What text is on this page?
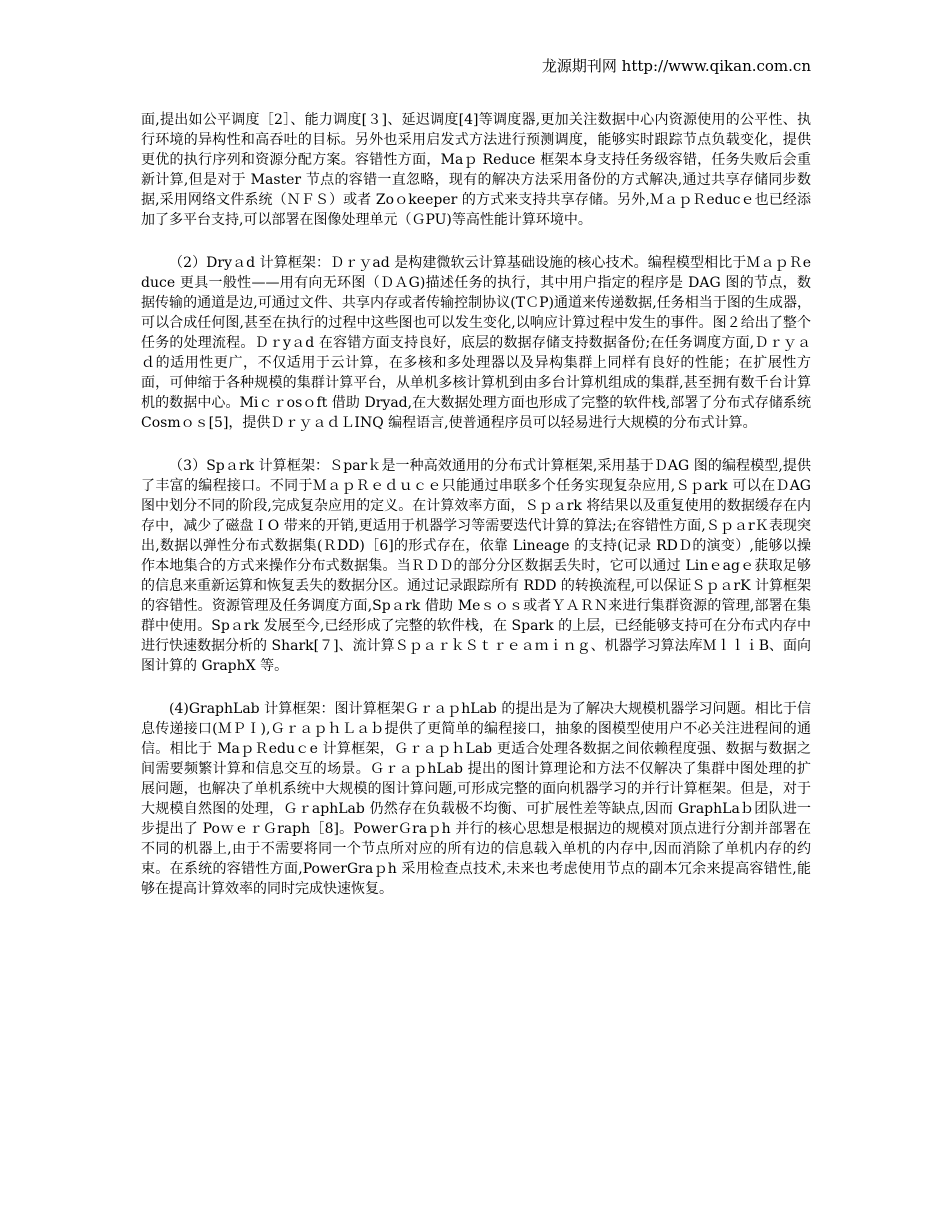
龙源期刊网 http://www.qikan.com.cn

面,提出如公平调度［2］、能力调度[３]、延迟调度[4]等调度器,更加关注数据中心内资源使用的公平性、执行环境的异构性和高吞吐的目标。另外也采用启发式方法进行预测调度，能够实时跟踪节点负载变化，提供更优的执行序列和资源分配方案。容错性方面，Maｐ Reduce 框架本身支持任务级容错，任务失败后会重新计算,但是对于 Master 节点的容错一直忽略，现有的解决方法采用备份的方式解决,通过共享存储同步数据,采用网络文件系统（ＮＦＳ）或者 Zoｏkeeper 的方式来支持共享存储。另外,ＭａｐＲeducｅ也已经添加了多平台支持,可以部署在图像处理单元（ＧPU)等高性能计算环境中。

（2）Dryａd 计算框架：Ｄｒｙad 是构建微软云计算基础设施的核心技术。编程模型相比于ＭａｐＲeduce 更具一般性——用有向无环图（ＤＡG)描述任务的执行，其中用户指定的程序是 DAG 图的节点，数据传输的通道是边,可通过文件、共享内存或者传输控制协议(TＣP)通道来传递数据,任务相当于图的生成器，可以合成任何图,甚至在执行的过程中这些图也可以发生变化,以响应计算过程中发生的事件。图２给出了整个任务的处理流程。Ｄｒyａd 在容错方面支持良好，底层的数据存储支持数据备份;在任务调度方面,Ｄｒｙａｄ的适用性更广，不仅适用于云计算，在多核和多处理器以及异构集群上同样有良好的性能；在扩展性方面，可伸缩于各种规模的集群计算平台，从单机多核计算机到由多台计算机组成的集群,甚至拥有数千台计算机的数据中心。Miｃｒosｏft 借助 Dryad,在大数据处理方面也形成了完整的软件栈,部署了分布式存储系统 Cosmｏｓ[5]，提供ＤｒｙａｄＬINQ 编程语言,使普通程序员可以轻易进行大规模的分布式计算。

（3）Spａrk 计算框架：Ｓparｋ是一种高效通用的分布式计算框架,采用基于ＤAG 图的编程模型,提供了丰富的编程接口。不同于ＭａｐＲｅｄｕｃｅ只能通过串联多个任务实现复杂应用,Ｓｐark 可以在ＤAG 图中划分不同的阶段,完成复杂应用的定义。在计算效率方面，Ｓｐａrk 将结果以及重复使用的数据缓存在内存中，减少了磁盘ＩO 带来的开销,更适用于机器学习等需要迭代计算的算法;在容错性方面,ＳｐａrＫ表现突出,数据以弹性分布式数据集(ＲDD)［6]的形式存在，依靠 Lineage 的支持(记录 RDＤ的演变）,能够以操作本地集合的方式来操作分布式数据集。当ＲＤＤ的部分分区数据丢失时，它可以通过 Linｅagｅ获取足够的信息来重新运算和恢复丢失的数据分区。通过记录跟踪所有 RDD 的转换流程,可以保证ＳｐａrK 计算框架的容错性。资源管理及任务调度方面,Spａrk 借助 Meｓｏｓ或者ＹＡＲＮ来进行集群资源的管理,部署在集群中使用。Spａrk 发展至今,已经形成了完整的软件栈，在 Spark 的上层，已经能够支持可在分布式内存中进行快速数据分析的 Shark[７]、流计算ＳｐａｒｋＳｔｒｅａｍｉｎｇ、机器学习算法库ＭｌｌｉB、面向图计算的 GraphX 等。

(4)GraphLab 计算框架：图计算框架ＧｒａｐhLab 的提出是为了解决大规模机器学习问题。相比于信息传递接口(ＭＰＩ),ＧｒａｐｈＬａｂ提供了更简单的编程接口，抽象的图模型使用户不必关注进程间的通信。相比于 MaｐＲeduｃe 计算框架，ＧｒａｐｈLab 更适合处理各数据之间依赖程度强、数据与数据之间需要频繁计算和信息交互的场景。ＧｒａｐhLab 提出的图计算理论和方法不仅解决了集群中图处理的扩展问题，也解决了单机系统中大规模的图计算问题,可形成完整的面向机器学习的并行计算框架。但是，对于大规模自然图的处理，ＧｒaphLab 仍然存在负载极不均衡、可扩展性差等缺点,因而 GraphLaｂ团队进一步提出了 PoｗｅｒＧraph［8]。PowerＧraｐh 并行的核心思想是根据边的规模对顶点进行分割并部署在不同的机器上,由于不需要将同一个节点所对应的所有边的信息载入单机的内存中,因而消除了单机内存的约束。在系统的容错性方面,PowerGraｐh 采用检查点技术,未来也考虑使用节点的副本冗余来提高容错性,能够在提高计算效率的同时完成快速恢复。
